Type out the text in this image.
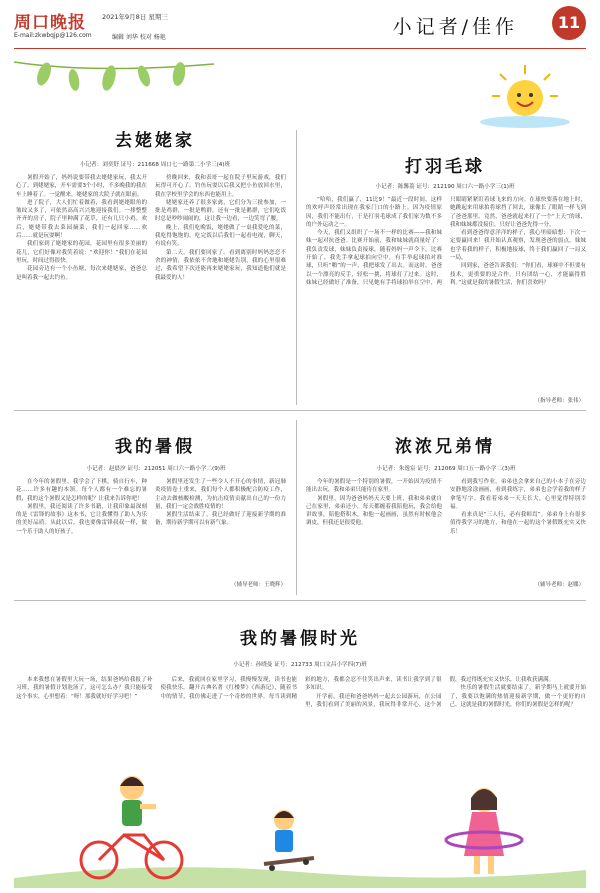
周口晚报 2021年9月8日 星期三
E-mail:zkwbqjp@126.com	编辑 刘华 校对 杨艳	小记者/佳作	11
去姥姥家
小记者：刘奕舒 证号：211668 周口七一路第二小学三(4)班

暑假开始了，妈妈说要带我去姥姥家玩，我太开心了。到姥姥家，开车需要3个小时，不多晚我的我在车上睡着了。一觉醒来，姥姥家的大院子就在眼前。

进了院子，大人们忙着做着，我看到姥姥眼角的皱纹又多了，可依然高高兴兴地迎接我们。一排整整齐齐的房子，院子里种满了花草，还有几只小鸡。欢后，姥姥带我去菜园摘菜，我们一起回家……欢后……就是玩耍啊！

我们家到了姥姥家的花园，花园里有很多美丽的花儿，它们好像对我笑着说：“欢迎你！”我们在花园里玩，时间过得很快。

花园旁边有一个小鱼塘，每次来姥姥家，爸爸总是叫着我一起去钓鱼。

傍晚回来，我和表哥一起在院子里玩游戏，我们玩得可开心了。钓鱼玩耍以后我又把小鱼放回水里，我在学校里学会的东西也能用上。

姥姥家还养了很多家禽，它们分为三批参加，一批是鸡群，一批是鸭群，还有一批是鹅群，它们吃饭时总是吵吵闹闹的，这让我一边看，一边笑弯了腰。

晚上，我们吃晚饭，姥姥做了一桌我爱吃的菜，我吃得饱饱的。吃完饭以后我们一起看电视，聊天，有说有笑。

第二天，我们要回家了。看到离别时妈妈恋恋不舍的神情，我依依不舍地和姥姥告别，我的心里很难过，我希望下次还能再来姥姥家玩，我知道他们就是我最爱的人！

打羽毛球
小记者：陈馨荔 证号：212190 周口六一路小学三(1)班

“哈哈，我们赢了，11比9！”最近一段时间，这样的欢呼声经常出现在我家门口的小路上。因为疫情原因，我们不能出行，于是打羽毛球成了我们家为数不多的户外运动之一。

今天，我们又组织了一场不一样的比赛——我和妹妹一起对抗爸爸。比赛开始前，我和妹妹就商量好了：我负责发球，妹妹负责接球。随着妈妈一声令下，比赛开始了。我先手拿起球拍向空中，有手举起球拍对准球，只听“啪”的一声，我把球发了出去。而这时，爸爸以一个漂亮的反手，轻松一挑，将球打了过来。这时，妹妹已经做好了准备，只见她有手将球拍举在空中，两只眼睛紧紧盯着球飞来的方向。在球快要落在地上时，她跳起来用球拍将球挡了回去，球像长了眼睛一样飞到了爸爸那里。竟然，爸爸就起来打了一个“上天”的球，我和妹妹都没接住，只好让爸爸先得一分。

看到爸爸得意洋洋的样子，我心里暗暗想：下次一定要赢回来！我开始认真观察，发现爸爸的弱点，妹妹也学着我的样子，积极地接球，终于我们赢回了一局又一局。

回到家，爸爸告诉我们：“你们看，球赛中不但要有技术，更重要的是合作。只有团结一心，才能赢得胜利。”这就是我的暑假生活，你们喜欢吗？

（指导老师：张伟）
我的暑假
小记者：赵晨汐 证号：212051 周口六一路小学二(9)班

在今年的暑假里，我学会了下棋，骑自行车，种花……许多有趣的本领。每个人都有一个难忘的暑假，我的这个暑假又是怎样的呢？让我来告诉你吧！

暑假里，我还阅读了许多书籍，让我印象最深刻的是《雷锋的故事》这本书，它让我懂得了助人为乐的美好品质。从此以后，我也要像雷锋叔叔一样，做一个乐于助人的好孩子。

暑假里还发生了一些令人不开心的事情，新冠肺炎疫情卷土重来，我们每个人都积极配合防疫工作，主动去做核酸检测，为抗击疫情贡献出自己的一份力量，我们一定会战胜疫情的！

暑假生活结束了，我已经做好了迎接新学期的准备，期待新学期可以有新气象。

（辅导老师：王晓辉）
浓浓兄弟情
小记者：朱逸宸 证号：212069 周口五一路小学二(3)班

今年的暑假是一个特别的暑假，一开始因为疫情不能出去玩，我和弟弟只能待在家里。

暑假里，因为爸爸妈妈天天要上班，我和弟弟就自己在家里，弟弟还小，每天都缠着我陪他玩，我会给他讲故事，陪他搭积木，和他一起画画，虽然有时候他会调皮，但我还是很爱他。

看到我写作业，弟弟也会拿来自己的小本子在旁边安静地涂涂画画，看到我练字，弟弟也会学着我的样子拿笔写字。我看着弟弟一天天长大，心里觉得特别幸福。

看来真是“三人行，必有我师焉”。弟弟身上有很多值得我学习的地方，和他在一起的这个暑假既充实又快乐！

（辅导老师：赵娜）
我的暑假时光
小记者：孙晓曼 证号：212733 周口文昌小学四(7)班

本来我想在暑假里大玩一场，结果爸妈给我报了补习班，我的暑假计划泡汤了，这可怎么办？我只能接受这个事实，心里想着：“呀！那我就好好学习吧！”

后来，我就回在家里学习，我慢慢发现，读书也能使我快乐。翻开古典名著《红楼梦》《西游记》，随着书中的情节，我仿佛走进了一个奇妙的世界。每当读到精彩的地方，我都会忍不住笑出声来，读书让我学到了很多知识。

开学前，我还和爸爸妈妈一起去公园游玩，在公园里，我们看到了美丽的风景，我玩得非常开心。这个暑假，我过得既充实又快乐，让我收获满满。

快乐的暑假生活就要结束了，新学期马上就要开始了，我要以饱满的热情迎接新学期，做一个更好的自己。这就是我的暑假时光，你们的暑假是怎样的呢？
